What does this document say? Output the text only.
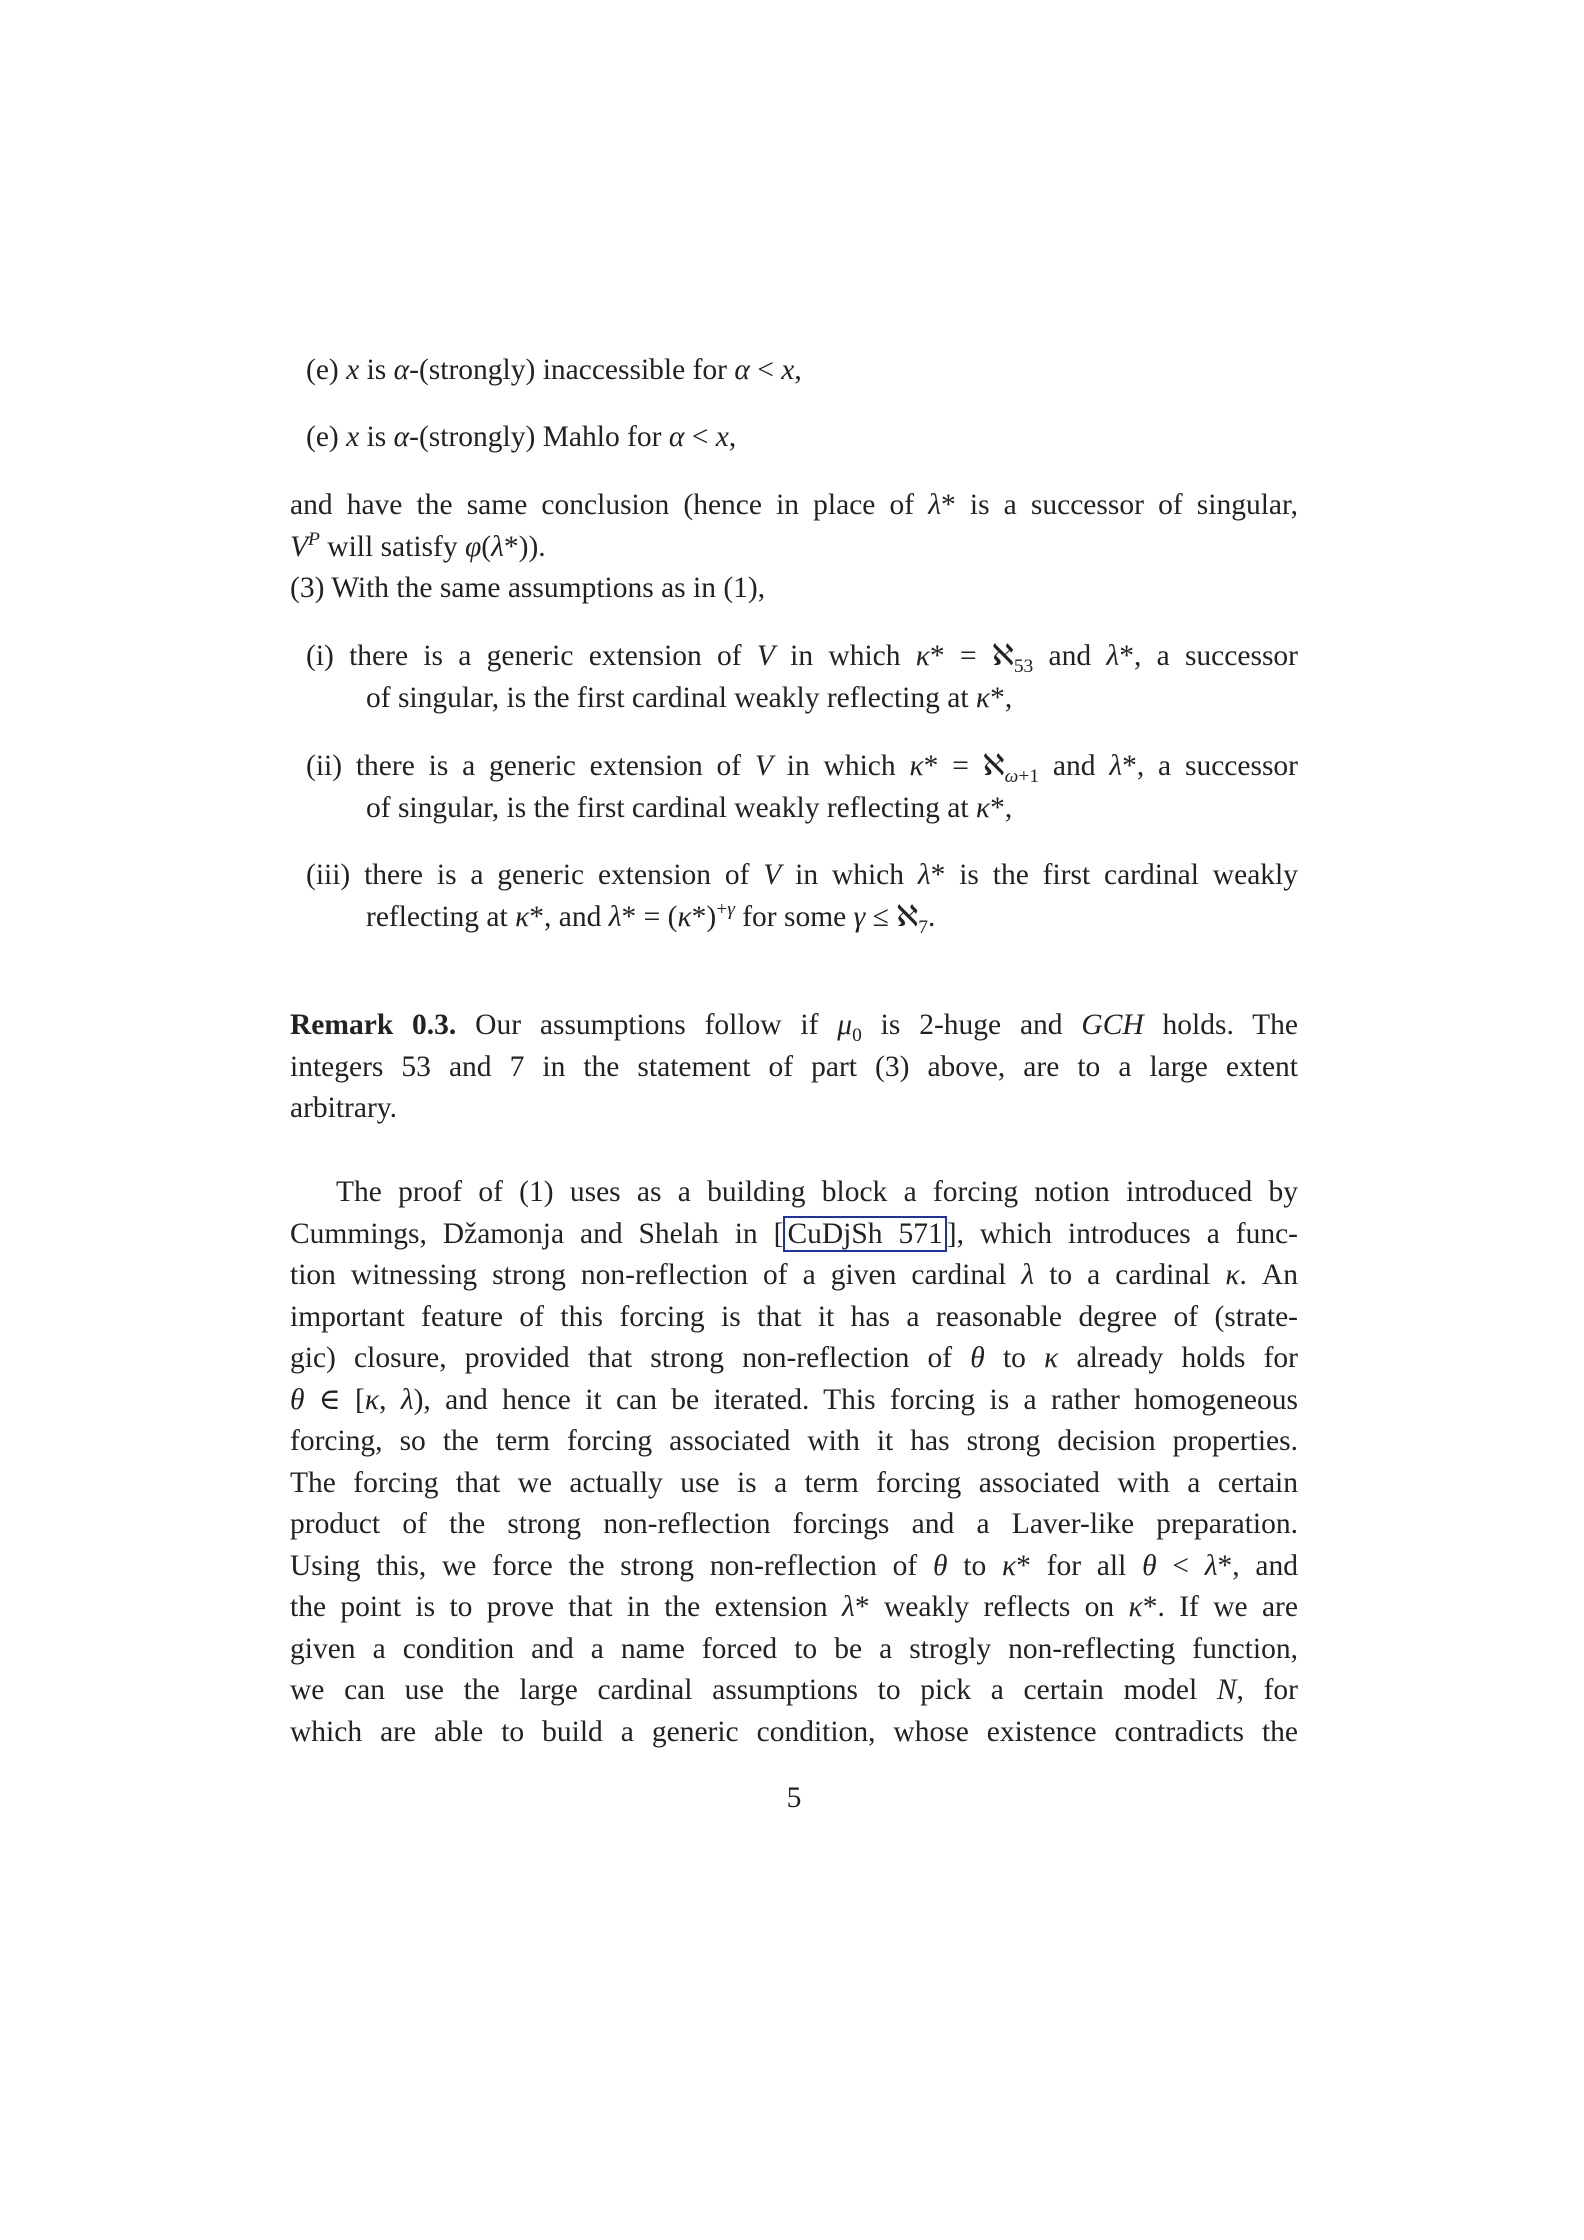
(e) x is α-(strongly) inaccessible for α < x,
(e) x is α-(strongly) Mahlo for α < x,
and have the same conclusion (hence in place of λ* is a successor of singular,
$V^P$ will satisfy φ(λ*)).
(3) With the same assumptions as in (1),
(i) there is a generic extension of V in which κ* = ℵ$_{53}$ and λ*, a successor
of singular, is the first cardinal weakly reflecting at κ*,
(ii) there is a generic extension of V in which κ* = ℵ$_{\omega+1}$ and λ*, a successor
of singular, is the first cardinal weakly reflecting at κ*,
(iii) there is a generic extension of V in which λ* is the first cardinal weakly
reflecting at κ*, and $\lambda* = (\kappa*)^{+\gamma}$ for some γ ≤ ℵ$_7$.
Remark 0.3. Our assumptions follow if $\mu_0$ is 2-huge and GCH holds. The
integers 53 and 7 in the statement of part (3) above, are to a large extent
arbitrary.
The proof of (1) uses as a building block a forcing notion introduced by
Cummings, Džamonja and Shelah in [ CuDjSh 571 ], which introduces a func-
tion witnessing strong non-reflection of a given cardinal λ to a cardinal κ. An
important feature of this forcing is that it has a reasonable degree of (strate-
gic) closure, provided that strong non-reflection of θ to κ already holds for
θ ∈ [κ, λ), and hence it can be iterated. This forcing is a rather homogeneous
forcing, so the term forcing associated with it has strong decision properties.
The forcing that we actually use is a term forcing associated with a certain
product of the strong non-reflection forcings and a Laver-like preparation.
Using this, we force the strong non-reflection of θ to κ* for all θ < λ*, and
the point is to prove that in the extension λ* weakly reflects on κ*. If we are
given a condition and a name forced to be a strogly non-reflecting function,
we can use the large cardinal assumptions to pick a certain model N, for
which are able to build a generic condition, whose existence contradicts the
5
